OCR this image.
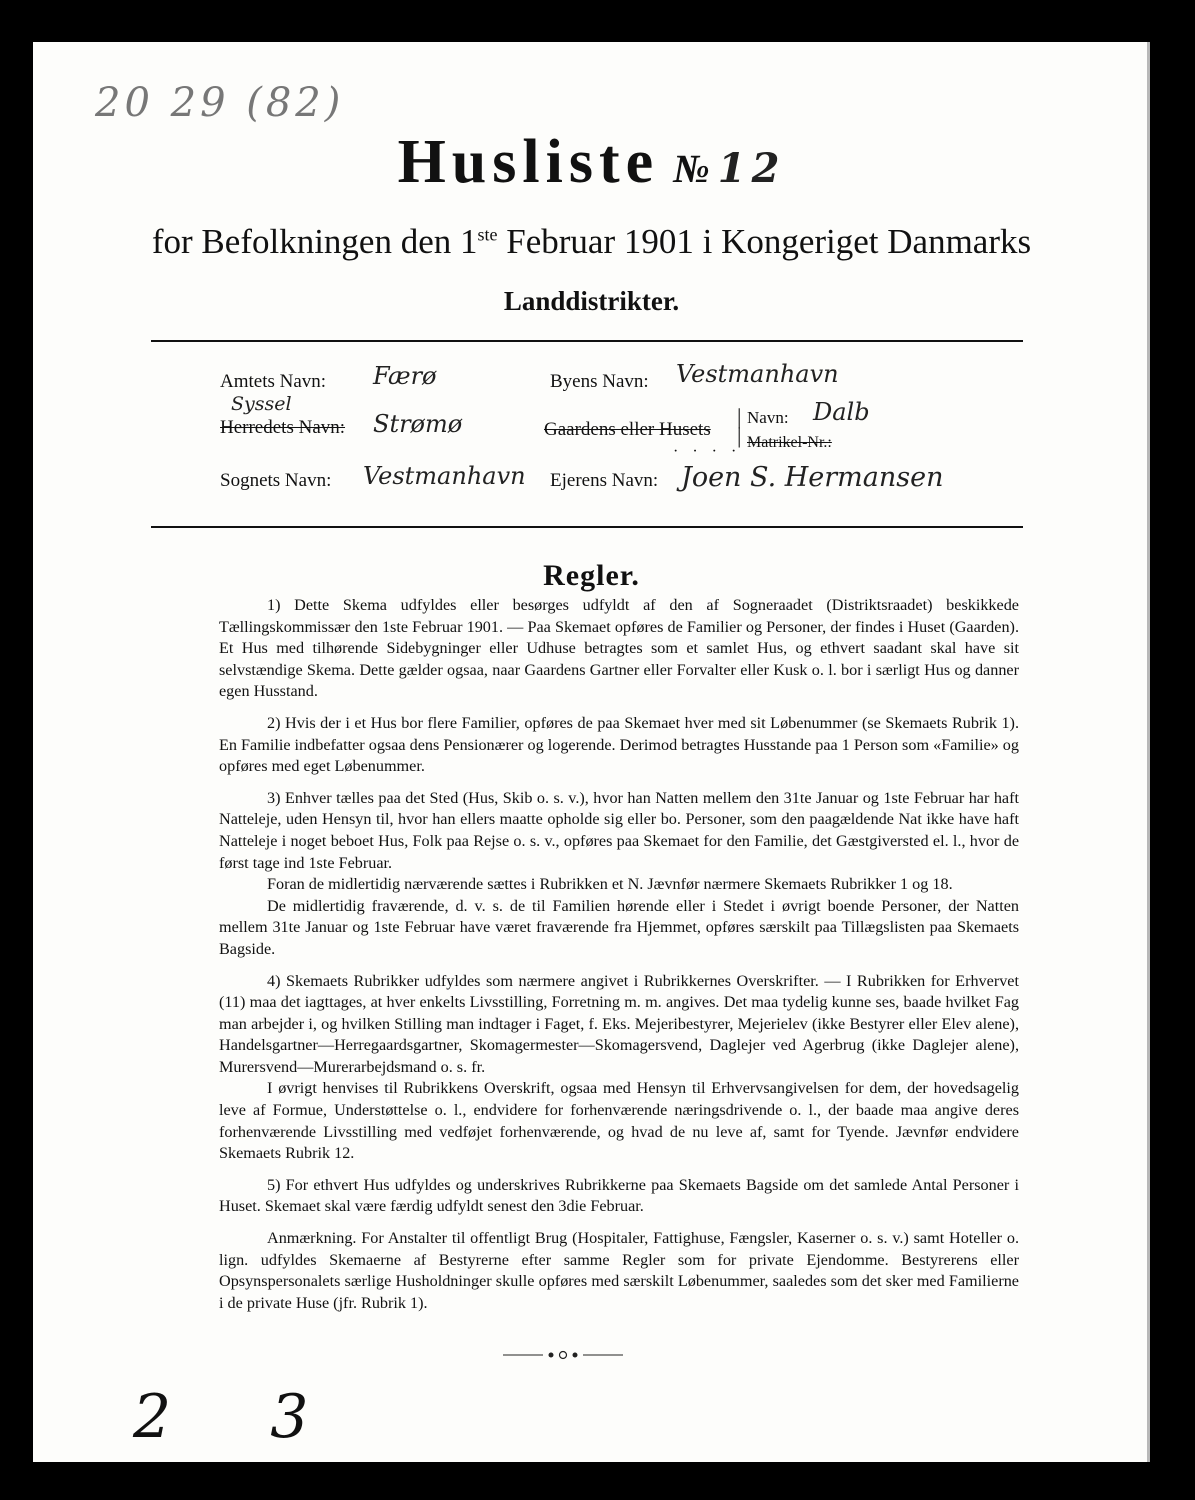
20 29 (82)
Husliste № 12
for Befolkningen den 1ste Februar 1901 i Kongeriget Danmarks
Landdistrikter.
Amtets Navn: Færø	Byens Navn: Vestmanhavn
Syssel
Herredets Navn: Strømø	Gaardens eller Husets
· · · ·
|
|
Navn: Dalb
Matrikel-Nr.:
Sognets Navn: Vestmanhavn Ejerens Navn: Joen S. Hermansen
Regler.

1) Dette Skema udfyldes eller besørges udfyldt af den af Sogneraadet (Distriktsraadet) beskikkede Tællingskommissær den 1ste Februar 1901. — Paa Skemaet opføres de Familier og Personer, der findes i Huset (Gaarden). Et Hus med tilhørende Sidebygninger eller Udhuse betragtes som et samlet Hus, og ethvert saadant skal have sit selvstændige Skema. Dette gælder ogsaa, naar Gaardens Gartner eller Forvalter eller Kusk o. l. bor i særligt Hus og danner egen Husstand.

2) Hvis der i et Hus bor flere Familier, opføres de paa Skemaet hver med sit Løbenummer (se Skemaets Rubrik 1). En Familie indbefatter ogsaa dens Pensionærer og logerende. Derimod betragtes Husstande paa 1 Person som «Familie» og opføres med eget Løbenummer.

3) Enhver tælles paa det Sted (Hus, Skib o. s. v.), hvor han Natten mellem den 31te Januar og 1ste Februar har haft Natteleje, uden Hensyn til, hvor han ellers maatte opholde sig eller bo. Personer, som den paagældende Nat ikke have haft Natteleje i noget beboet Hus, Folk paa Rejse o. s. v., opføres paa Skemaet for den Familie, det Gæstgiversted el. l., hvor de først tage ind 1ste Februar.

Foran de midlertidig nærværende sættes i Rubrikken et N. Jævnfør nærmere Skemaets Rubrikker 1 og 18.

De midlertidig fraværende, d. v. s. de til Familien hørende eller i Stedet i øvrigt boende Personer, der Natten mellem 31te Januar og 1ste Februar have været fraværende fra Hjemmet, opføres særskilt paa Tillægslisten paa Skemaets Bagside.

4) Skemaets Rubrikker udfyldes som nærmere angivet i Rubrikkernes Overskrifter. — I Rubrikken for Erhvervet (11) maa det iagttages, at hver enkelts Livsstilling, Forretning m. m. angives. Det maa tydelig kunne ses, baade hvilket Fag man arbejder i, og hvilken Stilling man indtager i Faget, f. Eks. Mejeribestyrer, Mejerielev (ikke Bestyrer eller Elev alene), Handelsgartner—Herregaardsgartner, Skomagermester—Skomagersvend, Daglejer ved Agerbrug (ikke Daglejer alene), Murersvend—Murerarbejdsmand o. s. fr.

I øvrigt henvises til Rubrikkens Overskrift, ogsaa med Hensyn til Erhvervsangivelsen for dem, der hovedsagelig leve af Formue, Understøttelse o. l., endvidere for forhenværende næringsdrivende o. l., der baade maa angive deres forhenværende Livsstilling med vedføjet forhenværende, og hvad de nu leve af, samt for Tyende. Jævnfør endvidere Skemaets Rubrik 12.

5) For ethvert Hus udfyldes og underskrives Rubrikkerne paa Skemaets Bagside om det samlede Antal Personer i Huset. Skemaet skal være færdig udfyldt senest den 3die Februar.

Anmærkning. For Anstalter til offentligt Brug (Hospitaler, Fattighuse, Fængsler, Kaserner o. s. v.) samt Hoteller o. lign. udfyldes Skemaerne af Bestyrerne efter samme Regler som for private Ejendomme. Bestyrerens eller Opsynspersonalets særlige Husholdninger skulle opføres med særskilt Løbenummer, saaledes som det sker med Familierne i de private Huse (jfr. Rubrik 1).

2 3
